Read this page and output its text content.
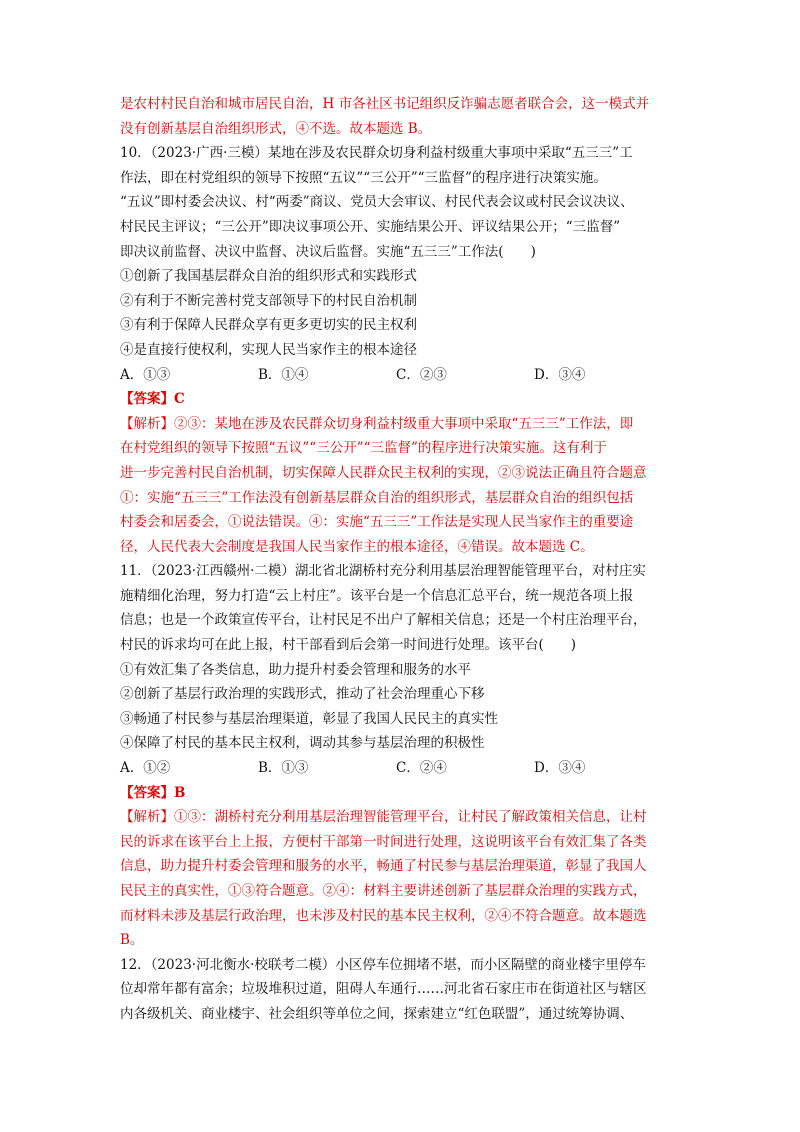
是农村村民自治和城市居民自治，H 市各社区书记组织反诈骗志愿者联合会，这一模式并
没有创新基层自治组织形式，④不选。故本题选 B。
10．（2023·广西·三模）某地在涉及农民群众切身利益村级重大事项中采取“五三三”工
作法，即在村党组织的领导下按照“五议”“三公开”“三监督”的程序进行决策实施。
“五议”即村委会决议、村“两委”商议、党员大会审议、村民代表会议或村民会议决议、
村民民主评议；“三公开”即决议事项公开、实施结果公开、评议结果公开；“三监督”
即决议前监督、决议中监督、决议后监督。实施“五三三”工作法(　　)
①创新了我国基层群众自治的组织形式和实践形式
②有利于不断完善村党支部领导下的村民自治机制
③有利于保障人民群众享有更多更切实的民主权利
④是直接行使权利，实现人民当家作主的根本途径
A．①③	B．①④	C．②③	D．③④
【答案】C
【解析】②③：某地在涉及农民群众切身利益村级重大事项中采取“五三三”工作法，即
在村党组织的领导下按照“五议”“三公开”“三监督”的程序进行决策实施。这有利于
进一步完善村民自治机制，切实保障人民群众民主权利的实现，②③说法正确且符合题意
①：实施“五三三”工作法没有创新基层群众自治的组织形式，基层群众自治的组织包括
村委会和居委会，①说法错误。④：实施“五三三”工作法是实现人民当家作主的重要途
径，人民代表大会制度是我国人民当家作主的根本途径，④错误。故本题选 C。
11．（2023·江西赣州·二模）湖北省北湖桥村充分利用基层治理智能管理平台，对村庄实
施精细化治理，努力打造“云上村庄”。该平台是一个信息汇总平台，统一规范各项上报
信息；也是一个政策宣传平台，让村民足不出户了解相关信息；还是一个村庄治理平台，
村民的诉求均可在此上报，村干部看到后会第一时间进行处理。该平台(　　)
①有效汇集了各类信息，助力提升村委会管理和服务的水平
②创新了基层行政治理的实践形式，推动了社会治理重心下移
③畅通了村民参与基层治理渠道，彰显了我国人民民主的真实性
④保障了村民的基本民主权利，调动其参与基层治理的积极性
A．①②	B．①③	C．②④	D．③④
【答案】B
【解析】①③：湖桥村充分利用基层治理智能管理平台，让村民了解政策相关信息，让村
民的诉求在该平台上上报，方便村干部第一时间进行处理，这说明该平台有效汇集了各类
信息，助力提升村委会管理和服务的水平，畅通了村民参与基层治理渠道，彰显了我国人
民民主的真实性，①③符合题意。②④：材料主要讲述创新了基层群众治理的实践方式，
而材料未涉及基层行政治理，也未涉及村民的基本民主权利，②④不符合题意。故本题选
B。
12．（2023·河北衡水·校联考二模）小区停车位拥堵不堪，而小区隔壁的商业楼宇里停车
位却常年都有富余；垃圾堆积过道，阻碍人车通行……河北省石家庄市在街道社区与辖区
内各级机关、商业楼宇、社会组织等单位之间，探索建立“红色联盟”，通过统筹协调、
